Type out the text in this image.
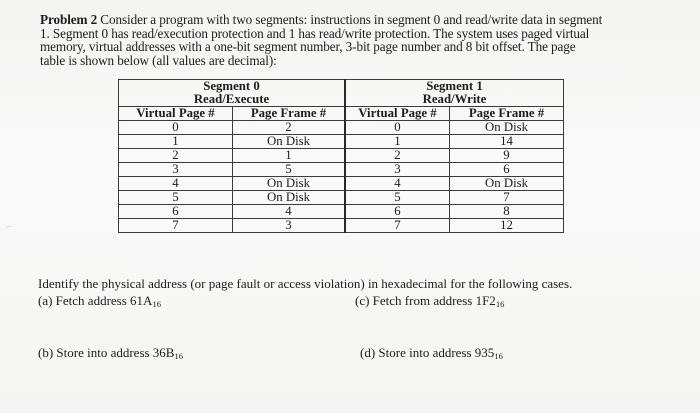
Problem 2 Consider a program with two segments: instructions in segment 0 and read/write data in segment
1. Segment 0 has read/execution protection and 1 has read/write protection. The system uses paged virtual
memory, virtual addresses with a one-bit segment number, 3-bit page number and 8 bit offset. The page
table is shown below (all values are decimal):
Segment 0		Segment 1	
Read/Execute		Read/Write	
Virtual Page #	Page Frame #	Virtual Page #	Page Frame #
0	2	0	On Disk
1	On Disk	1	14
2	1	2	9
3	5	3	6
4	On Disk	4	On Disk
5	On Disk	5	7
6	4	6	8
7	3	7	12
Identify the physical address (or page fault or access violation) in hexadecimal for the following cases.
(a) Fetch address $61A_{16}$	(c) Fetch from address $1F2_{16}$
(b) Store into address $36B_{16}$	(d) Store into address $935_{16}$
⌐
